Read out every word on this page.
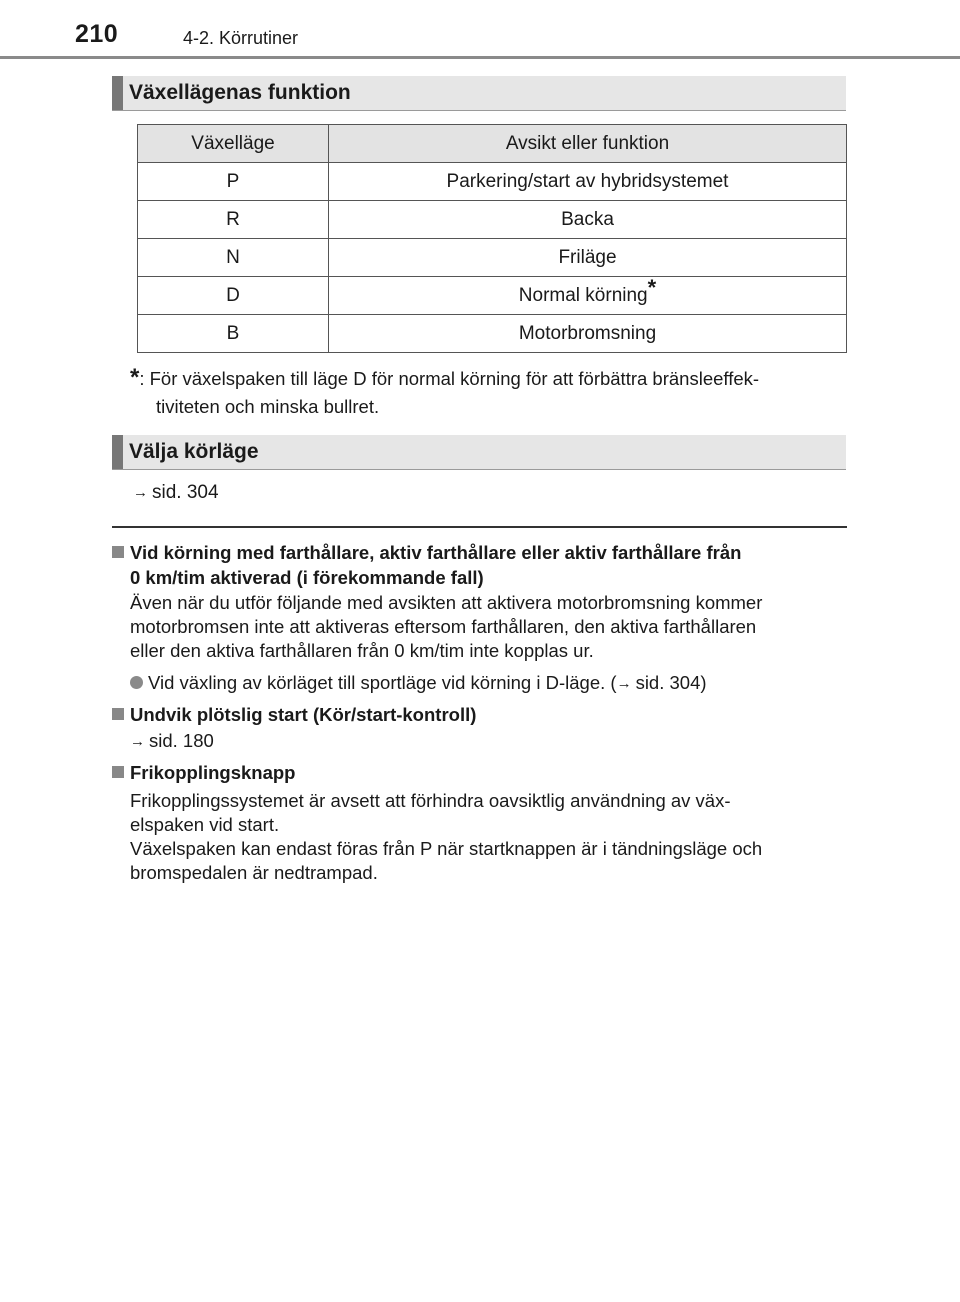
210	4-2. Körrutiner
Växellägenas funktion
Växelläge	Avsikt eller funktion
P	Parkering/start av hybridsystemet
R	Backa
N	Friläge
D	Normal körning*
B	Motorbromsning
*: För växelspaken till läge D för normal körning för att förbättra bränsleeffek-
tiviteten och minska bullret.
Välja körläge
→ sid. 304
Vid körning med farthållare, aktiv farthållare eller aktiv farthållare från
0 km/tim aktiverad (i förekommande fall)
Även när du utför följande med avsikten att aktivera motorbromsning kommer
motorbromsen inte att aktiveras eftersom farthållaren, den aktiva farthållaren
eller den aktiva farthållaren från 0 km/tim inte kopplas ur.
Vid växling av körläget till sportläge vid körning i D-läge. (→ sid. 304)
Undvik plötslig start (Kör/start-kontroll)
→ sid. 180
Frikopplingsknapp
Frikopplingssystemet är avsett att förhindra oavsiktlig användning av väx-
elspaken vid start.
Växelspaken kan endast föras från P när startknappen är i tändningsläge och
bromspedalen är nedtrampad.
